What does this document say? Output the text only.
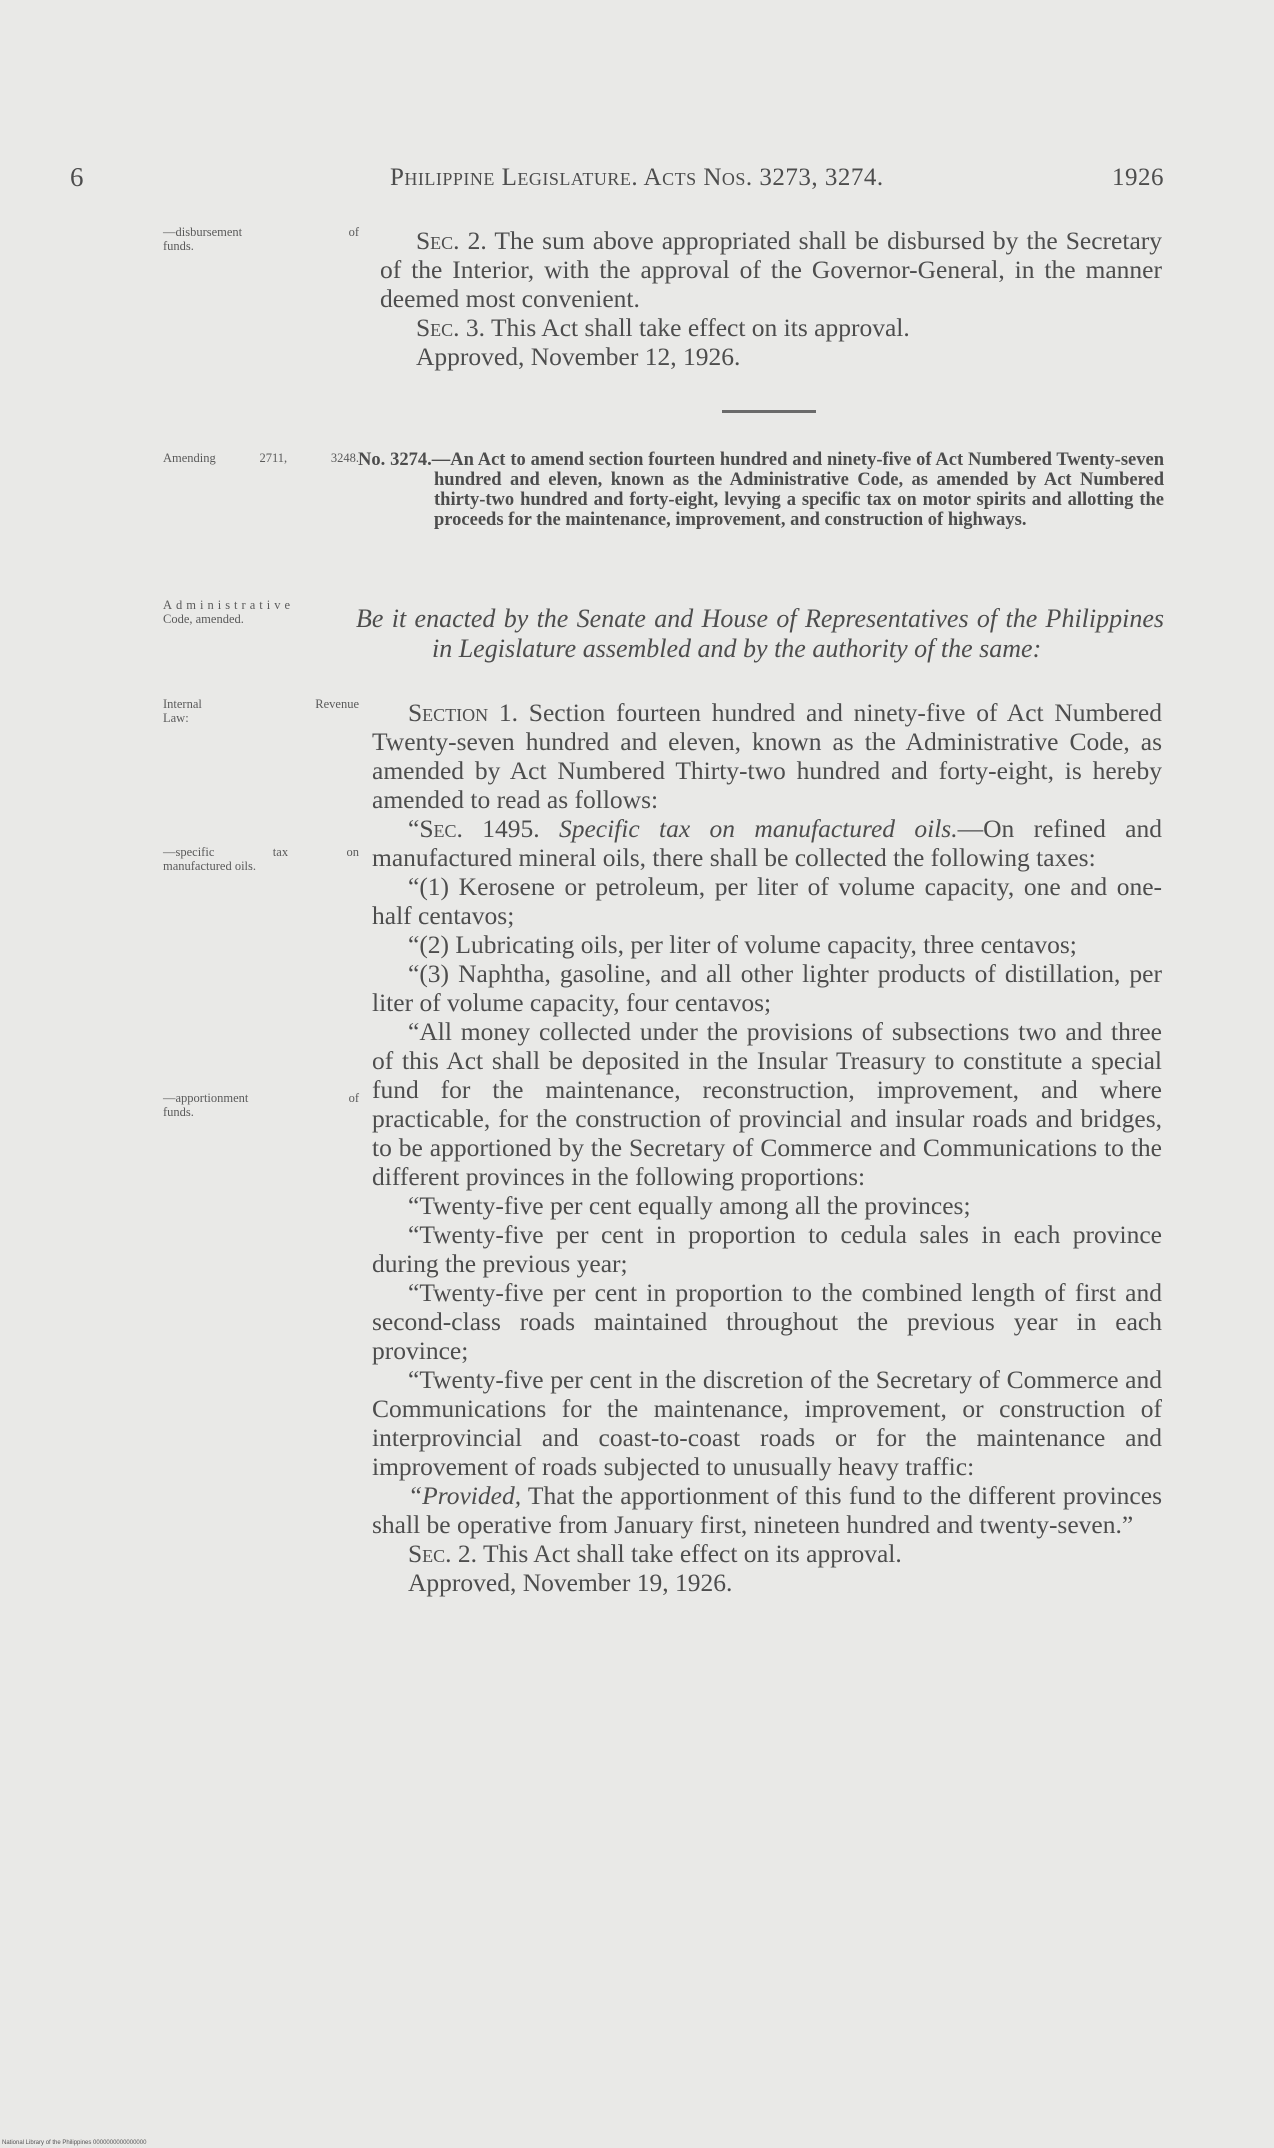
6	Philippine Legislature. Acts Nos. 3273, 3274.	1926
—disbursement of
funds.
Amending 2711, 3248.
Administrative
Code, amended.
Internal Revenue
Law:
—specific tax on
manufactured oils.
—apportionment of
funds.

Sec. 2. The sum above appropriated shall be disbursed by the Secretary of the Interior, with the approval of the Governor-General, in the manner deemed most convenient.

Sec. 3. This Act shall take effect on its approval.

Approved, November 12, 1926.

No. 3274.—An Act to amend section fourteen hundred and ninety-five of Act Numbered Twenty-seven hundred and eleven, known as the Administrative Code, as amended by Act Numbered thirty-two hundred and forty-eight, levying a specific tax on motor spirits and allotting the proceeds for the maintenance, improvement, and construction of highways.

Be it enacted by the Senate and House of Representatives of the Philippines in Legislature assembled and by the authority of the same:

Section 1. Section fourteen hundred and ninety-five of Act Numbered Twenty-seven hundred and eleven, known as the Administrative Code, as amended by Act Numbered Thirty-two hundred and forty-eight, is hereby amended to read as follows:

“Sec. 1495. Specific tax on manufactured oils.—On refined and manufactured mineral oils, there shall be collected the following taxes:

“(1) Kerosene or petroleum, per liter of volume capacity, one and one-half centavos;

“(2) Lubricating oils, per liter of volume capacity, three centavos;

“(3) Naphtha, gasoline, and all other lighter products of distillation, per liter of volume capacity, four centavos;

“All money collected under the provisions of subsections two and three of this Act shall be deposited in the Insular Treasury to constitute a special fund for the maintenance, reconstruction, improvement, and where practicable, for the construction of provincial and insular roads and bridges, to be apportioned by the Secretary of Commerce and Communications to the different provinces in the following proportions:

“Twenty-five per cent equally among all the provinces;

“Twenty-five per cent in proportion to cedula sales in each province during the previous year;

“Twenty-five per cent in proportion to the combined length of first and second-class roads maintained throughout the previous year in each province;

“Twenty-five per cent in the discretion of the Secretary of Commerce and Communications for the maintenance, improvement, or construction of interprovincial and coast-to-coast roads or for the maintenance and improvement of roads subjected to unusually heavy traffic:

“Provided, That the apportionment of this fund to the different provinces shall be operative from January first, nineteen hundred and twenty-seven.”

Sec. 2. This Act shall take effect on its approval.

Approved, November 19, 1926.

National Library of the Philippines 0000000000000000
